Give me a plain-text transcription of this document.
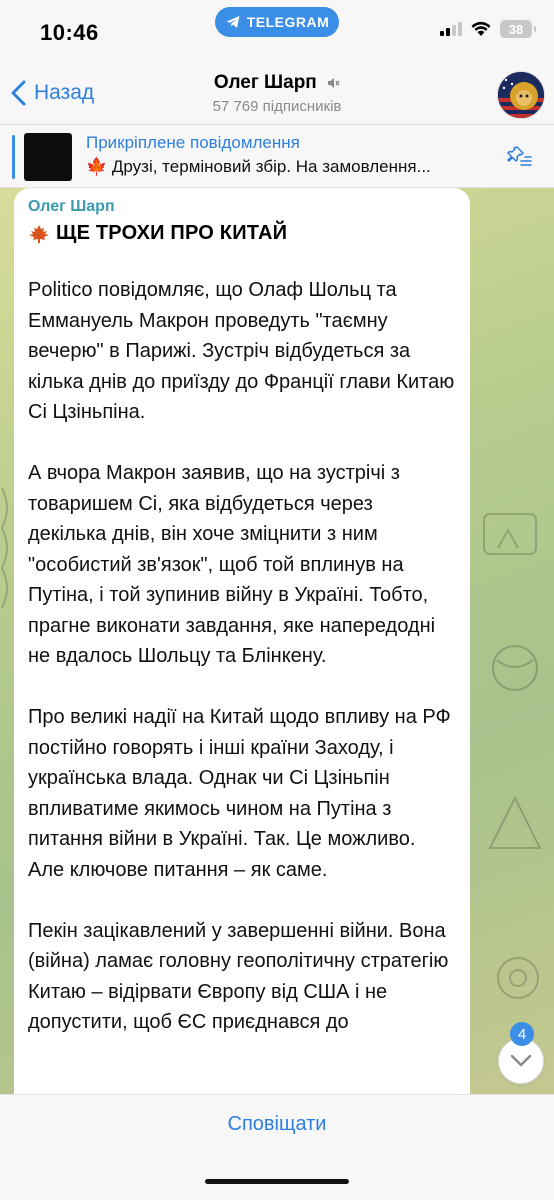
10:46	TELEGRAM	38
Назад	Олег Шарп
57 769 підписників
Прикріплене повідомлення
🍁 Друзі, терміновий збір. На замовлення...
Олег Шарп
ЩЕ ТРОХИ ПРО КИТАЙ

Politico повідомляє, що Олаф Шольц та Еммануель Макрон проведуть "таємну вечерю" в Парижі. Зустріч відбудеться за кілька днів до приїзду до Франції глави Китаю Сі Цзіньпіна.

А вчора Макрон заявив, що на зустрічі з товаришем Сі, яка відбудеться через декілька днів, він хоче зміцнити з ним "особистий зв'язок", щоб той вплинув на Путіна, і той зупинив війну в Україні. Тобто, прагне виконати завдання, яке напередодні не вдалось Шольцу та Блінкену.

Про великі надії на Китай щодо впливу на РФ постійно говорять і інші країни Заходу, і українська влада. Однак чи Сі Цзіньпін впливатиме якимось чином на Путіна з питання війни в Україні. Так. Це можливо. Але ключове питання – як саме.

Пекін зацікавлений у завершенні війни. Вона (війна) ламає головну геополітичну стратегію Китаю – відірвати Європу від США і не допустити, щоб ЄС приєднався до

4
Сповіщати
